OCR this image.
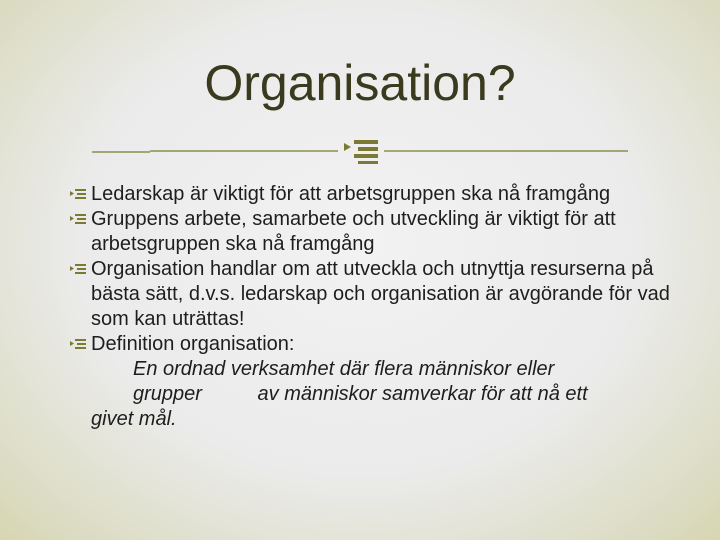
Organisation?
Ledarskap är viktigt för att arbetsgruppen ska nå framgång
Gruppens arbete, samarbete och utveckling är viktigt för att arbetsgruppen ska nå framgång
Organisation handlar om att utveckla och utnyttja resurserna på bästa sätt, d.v.s. ledarskap och organisation är avgörande för vad som kan uträttas!
Definition organisation:
En ordnad verksamhet där flera människor eller
grupper	av människor samverkar för att nå ett
givet mål.
